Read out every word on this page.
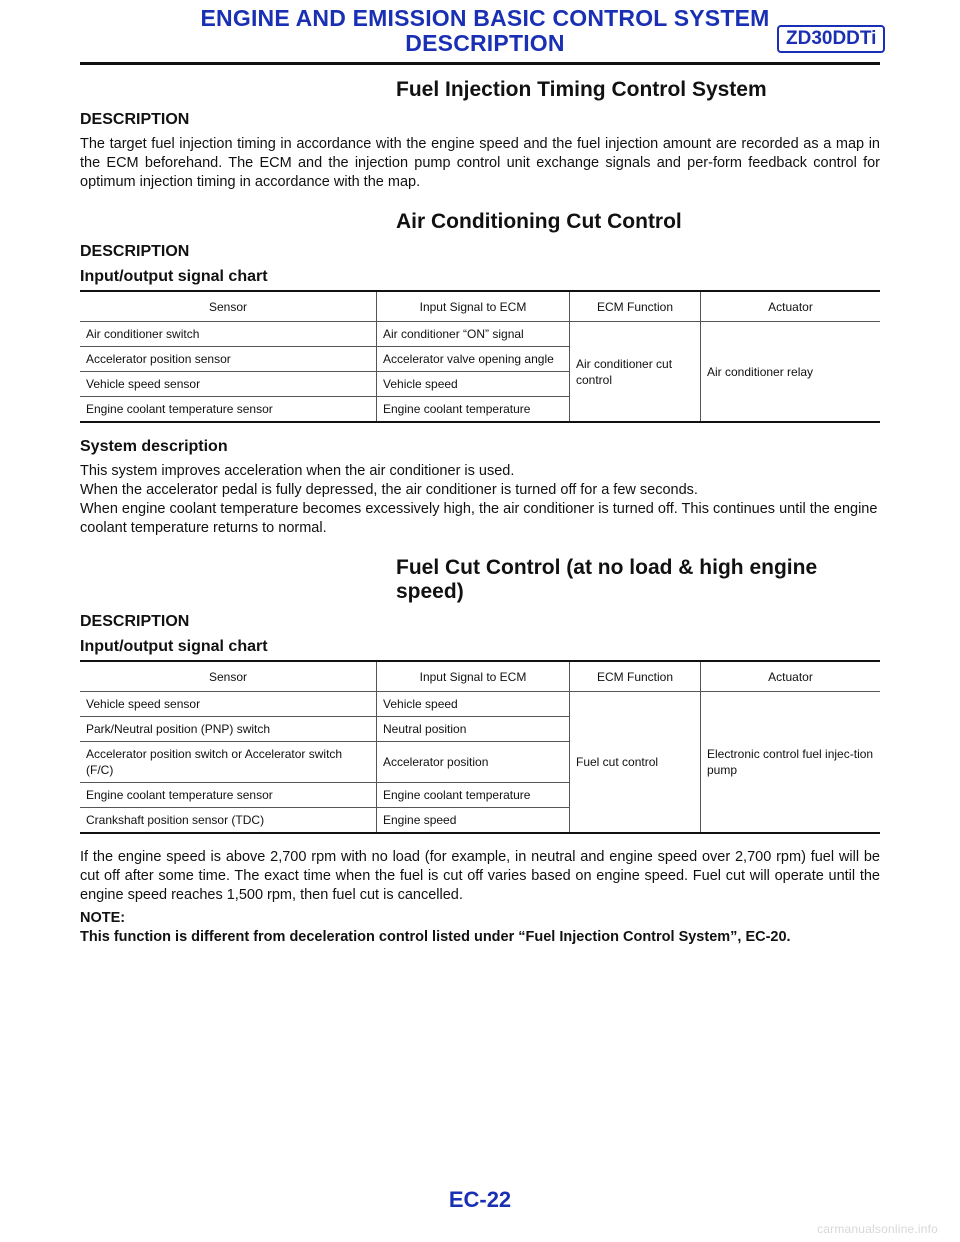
ENGINE AND EMISSION BASIC CONTROL SYSTEM
DESCRIPTION	ZD30DDTi
Fuel Injection Timing Control System
DESCRIPTION

The target fuel injection timing in accordance with the engine speed and the fuel injection amount are recorded as a map in the ECM beforehand. The ECM and the injection pump control unit exchange signals and per-form feedback control for optimum injection timing in accordance with the map.

Air Conditioning Cut Control
DESCRIPTION
Input/output signal chart
Sensor	Input Signal to ECM	ECM Function	Actuator
Air conditioner switch	Air conditioner “ON” signal	Air conditioner cut control	Air conditioner relay
Accelerator position sensor	Accelerator valve opening angle		
Vehicle speed sensor	Vehicle speed		
Engine coolant temperature sensor	Engine coolant temperature		
System description

This system improves acceleration when the air conditioner is used.

When the accelerator pedal is fully depressed, the air conditioner is turned off for a few seconds.

When engine coolant temperature becomes excessively high, the air conditioner is turned off. This continues until the engine coolant temperature returns to normal.

Fuel Cut Control (at no load & high engine
speed)
DESCRIPTION
Input/output signal chart
Sensor	Input Signal to ECM	ECM Function	Actuator
Vehicle speed sensor	Vehicle speed	Fuel cut control	Electronic control fuel injec-tion pump
Park/Neutral position (PNP) switch	Neutral position		
Accelerator position switch or Accelerator switch (F/C)	Accelerator position		
Engine coolant temperature sensor	Engine coolant temperature		
Crankshaft position sensor (TDC)	Engine speed		

If the engine speed is above 2,700 rpm with no load (for example, in neutral and engine speed over 2,700 rpm) fuel will be cut off after some time. The exact time when the fuel is cut off varies based on engine speed. Fuel cut will operate until the engine speed reaches 1,500 rpm, then fuel cut is cancelled.

NOTE:

This function is different from deceleration control listed under “Fuel Injection Control System”, EC-20.

EC-22
carmanualsonline.info
